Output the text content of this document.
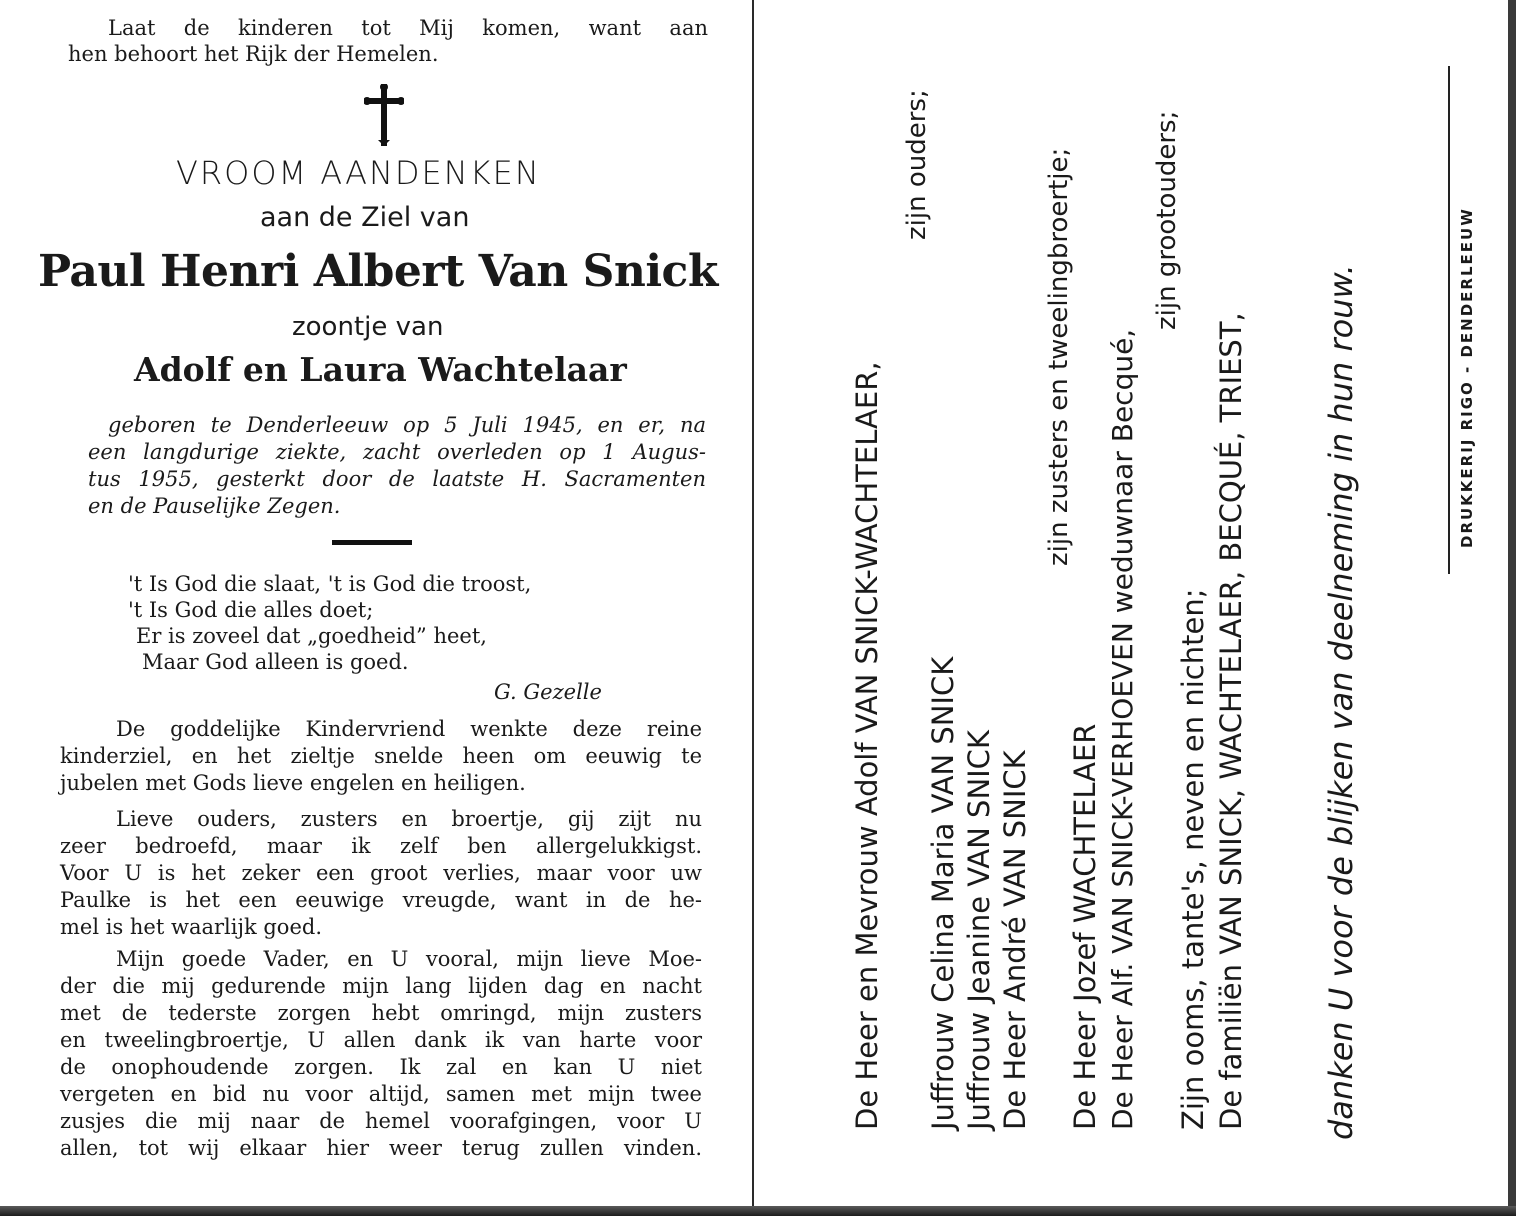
Laat de kinderen tot Mij komen, want aan
hen behoort het Rijk der Hemelen.
VROOM AANDENKEN
aan de Ziel van
Paul Henri Albert Van Snick
zoontje van
Adolf en Laura Wachtelaar
geboren te Denderleeuw op 5 Juli 1945, en er, na
een langdurige ziekte, zacht overleden op 1 Augus-
tus 1955, gesterkt door de laatste H. Sacramenten
en de Pauselijke Zegen.
't Is God die slaat, 't is God die troost,
't Is God die alles doet;
Er is zoveel dat „goedheid” heet,
Maar God alleen is goed.
G. Gezelle
De goddelijke Kindervriend wenkte deze reine
kinderziel, en het zieltje snelde heen om eeuwig te
jubelen met Gods lieve engelen en heiligen.
Lieve ouders, zusters en broertje, gij zijt nu
zeer bedroefd, maar ik zelf ben allergelukkigst.
Voor U is het zeker een groot verlies, maar voor uw
Paulke is het een eeuwige vreugde, want in de he-
mel is het waarlijk goed.
Mijn goede Vader, en U vooral, mijn lieve Moe-
der die mij gedurende mijn lang lijden dag en nacht
met de tederste zorgen hebt omringd, mijn zusters
en tweelingbroertje, U allen dank ik van harte voor
de onophoudende zorgen. Ik zal en kan U niet
vergeten en bid nu voor altijd, samen met mijn twee
zusjes die mij naar de hemel voorafgingen, voor U
allen, tot wij elkaar hier weer terug zullen vinden.
De Heer en Mevrouw Adolf VAN SNICK-WACHTELAER,
zijn ouders;
Juffrouw Celina Maria VAN SNICK Juffrouw Jeanine VAN SNICK De Heer André VAN SNICK
zijn zusters en tweelingbroertje;
De Heer Jozef WACHTELAER De Heer Alf. VAN SNICK-VERHOEVEN weduwnaar Becqué,
zijn grootouders;
Zijn ooms, tante's, neven en nichten; De familiën VAN SNICK, WACHTELAER, BECQUÉ, TRIEST, danken U voor de blijken van deelneming in hun rouw.	DRUKKERIJ RIGO - DENDERLEEUW
